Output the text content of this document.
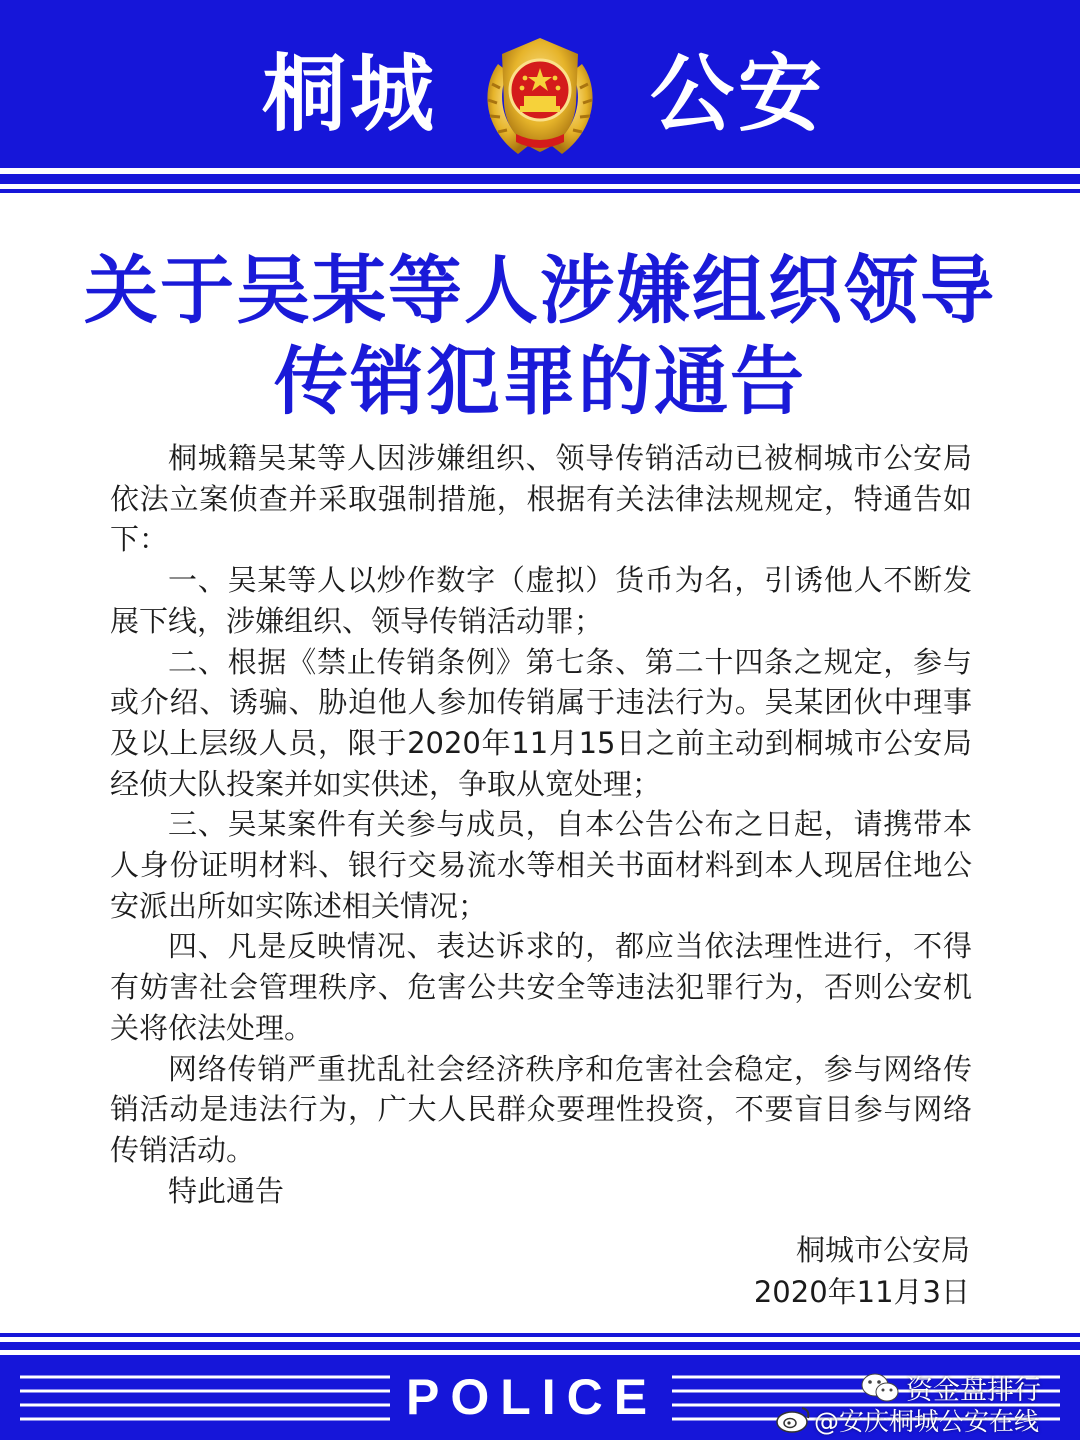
桐城	公安
关于吴某等人涉嫌组织领导
传销犯罪的通告

桐城籍吴某等人因涉嫌组织、领导传销活动已被桐城市公安局依法立案侦查并采取强制措施，根据有关法律法规规定，特通告如下：

一、吴某等人以炒作数字（虚拟）货币为名，引诱他人不断发展下线，涉嫌组织、领导传销活动罪；

二、根据《禁止传销条例》第七条、第二十四条之规定，参与或介绍、诱骗、胁迫他人参加传销属于违法行为。吴某团伙中理事及以上层级人员，限于2020年11月15日之前主动到桐城市公安局经侦大队投案并如实供述，争取从宽处理；

三、吴某案件有关参与成员，自本公告公布之日起，请携带本人身份证明材料、银行交易流水等相关书面材料到本人现居住地公安派出所如实陈述相关情况；

四、凡是反映情况、表达诉求的，都应当依法理性进行，不得有妨害社会管理秩序、危害公共安全等违法犯罪行为，否则公安机关将依法处理。

网络传销严重扰乱社会经济秩序和危害社会稳定，参与网络传销活动是违法行为，广大人民群众要理性投资，不要盲目参与网络传销活动。

特此通告

桐城市公安局
2020年11月3日
POLICE	资金盘排行
@安庆桐城公安在线
